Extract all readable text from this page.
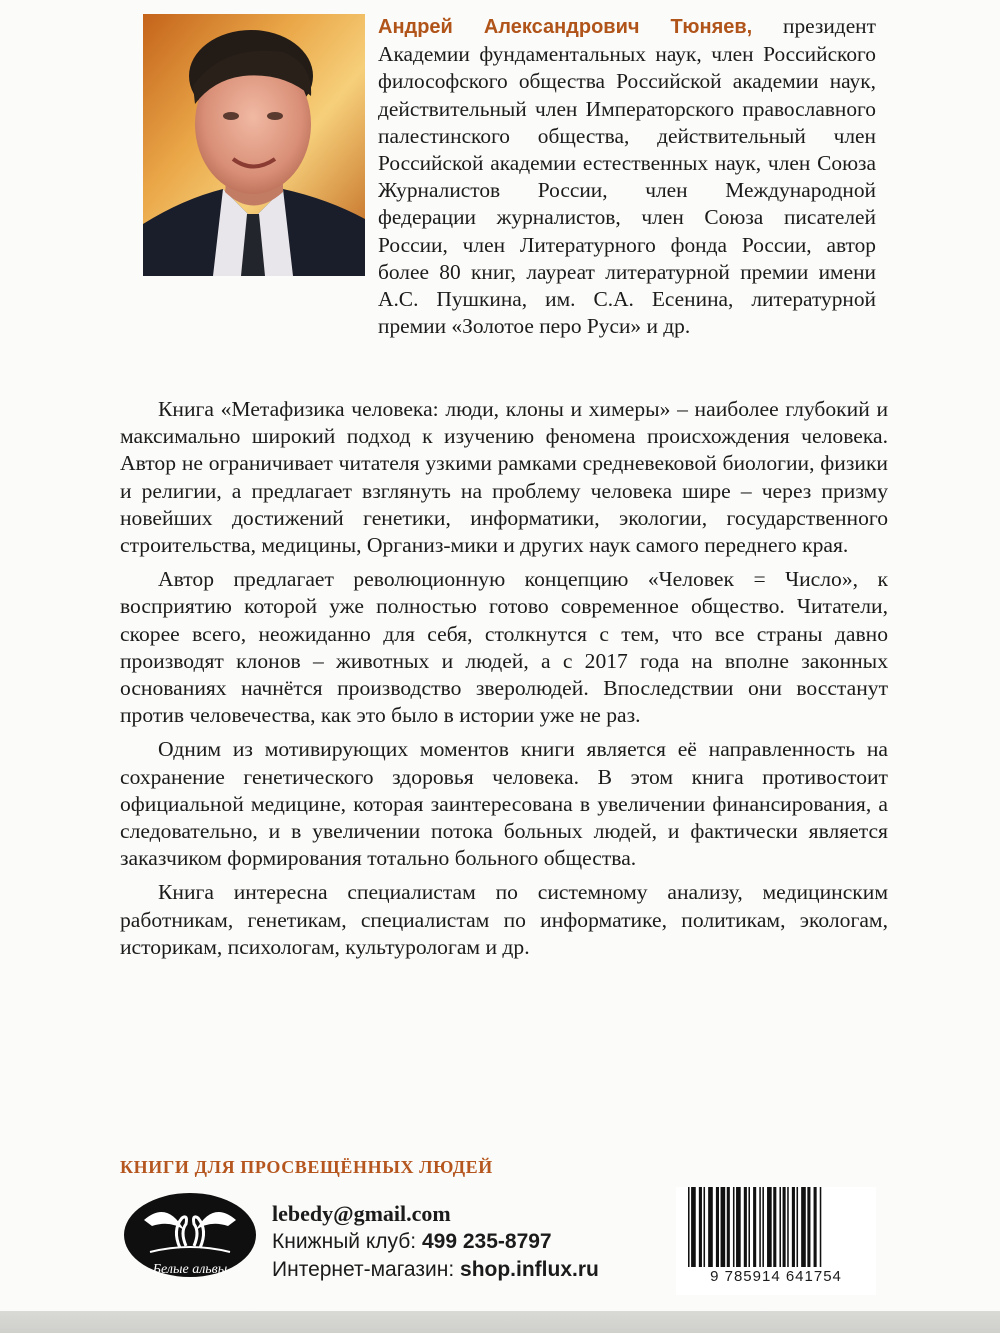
Андрей Александрович Тюняев, президент Академии фундаментальных наук, член Российского философского общества Российской академии наук, действительный член Императорского православного палестинского общества, действительный член Российской академии естественных наук, член Союза Журналистов России, член Международной федерации журналистов, член Союза писателей России, член Литературного фонда России, автор более 80 книг, лауреат литературной премии имени А.С. Пушкина, им. С.А. Есенина, литературной премии «Золотое перо Руси» и др.

Книга «Метафизика человека: люди, клоны и химеры» – наиболее глубокий и максимально широкий подход к изучению феномена происхождения человека. Автор не ограничивает читателя узкими рамками средневековой биологии, физики и религии, а предлагает взглянуть на проблему человека шире – через призму новейших достижений генетики, информатики, экологии, государственного строительства, медицины, Организ-мики и других наук самого переднего края.

Автор предлагает революционную концепцию «Человек = Число», к восприятию которой уже полностью готово современное общество. Читатели, скорее всего, неожиданно для себя, столкнутся с тем, что все страны давно производят клонов – животных и людей, а с 2017 года на вполне законных основаниях начнётся производство зверолюдей. Впоследствии они восстанут против человечества, как это было в истории уже не раз.

Одним из мотивирующих моментов книги является её направленность на сохранение генетического здоровья человека. В этом книга противостоит официальной медицине, которая заинтересована в увеличении финансирования, а следовательно, и в увеличении потока больных людей, и фактически является заказчиком формирования тотально больного общества.

Книга интересна специалистам по системному анализу, медицинским работникам, генетикам, специалистам по информатике, политикам, экологам, историкам, психологам, культурологам и др.

КНИГИ ДЛЯ ПРОСВЕЩЁННЫХ ЛЮДЕЙ
Белые альвы
lebedy@gmail.com
Книжный клуб: 499 235-8797
Интернет-магазин: shop.influx.ru	9 785914 641754
